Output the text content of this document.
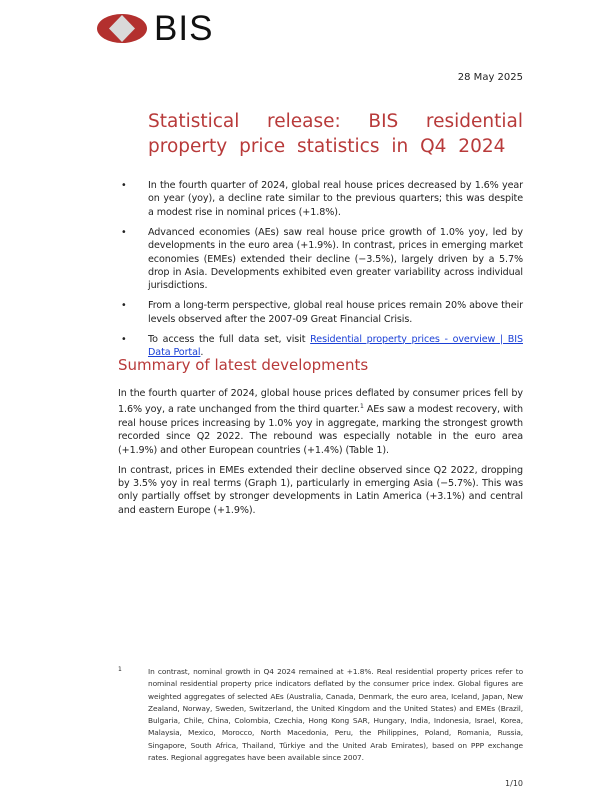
BIS
28 May 2025
Statistical release: BIS residential property price statistics in Q4 2024
• In the fourth quarter of 2024, global real house prices decreased by 1.6% year on year (yoy), a decline rate similar to the previous quarters; this was despite a modest rise in nominal prices (+1.8%).
• Advanced economies (AEs) saw real house price growth of 1.0% yoy, led by developments in the euro area (+1.9%). In contrast, prices in emerging market economies (EMEs) extended their decline (−3.5%), largely driven by a 5.7% drop in Asia. Developments exhibited even greater variability across individual jurisdictions.
• From a long-term perspective, global real house prices remain 20% above their levels observed after the 2007-09 Great Financial Crisis.
• To access the full data set, visit Residential property prices - overview | BIS Data Portal.
Summary of latest developments

In the fourth quarter of 2024, global house prices deflated by consumer prices fell by 1.6% yoy, a rate unchanged from the third quarter.$^1$ AEs saw a modest recovery, with real house prices increasing by 1.0% yoy in aggregate, marking the strongest growth recorded since Q2 2022. The rebound was especially notable in the euro area (+1.9%) and other European countries (+1.4%) (Table 1).

In contrast, prices in EMEs extended their decline observed since Q2 2022, dropping by 3.5% yoy in real terms (Graph 1), particularly in emerging Asia (−5.7%). This was only partially offset by stronger developments in Latin America (+3.1%) and central and eastern Europe (+1.9%).

1	In contrast, nominal growth in Q4 2024 remained at +1.8%. Real residential property prices refer to nominal residential property price indicators deflated by the consumer price index. Global figures are weighted aggregates of selected AEs (Australia, Canada, Denmark, the euro area, Iceland, Japan, New Zealand, Norway, Sweden, Switzerland, the United Kingdom and the United States) and EMEs (Brazil, Bulgaria, Chile, China, Colombia, Czechia, Hong Kong SAR, Hungary, India, Indonesia, Israel, Korea, Malaysia, Mexico, Morocco, North Macedonia, Peru, the Philippines, Poland, Romania, Russia, Singapore, South Africa, Thailand, Türkiye and the United Arab Emirates), based on PPP exchange rates. Regional aggregates have been available since 2007.
1/10
